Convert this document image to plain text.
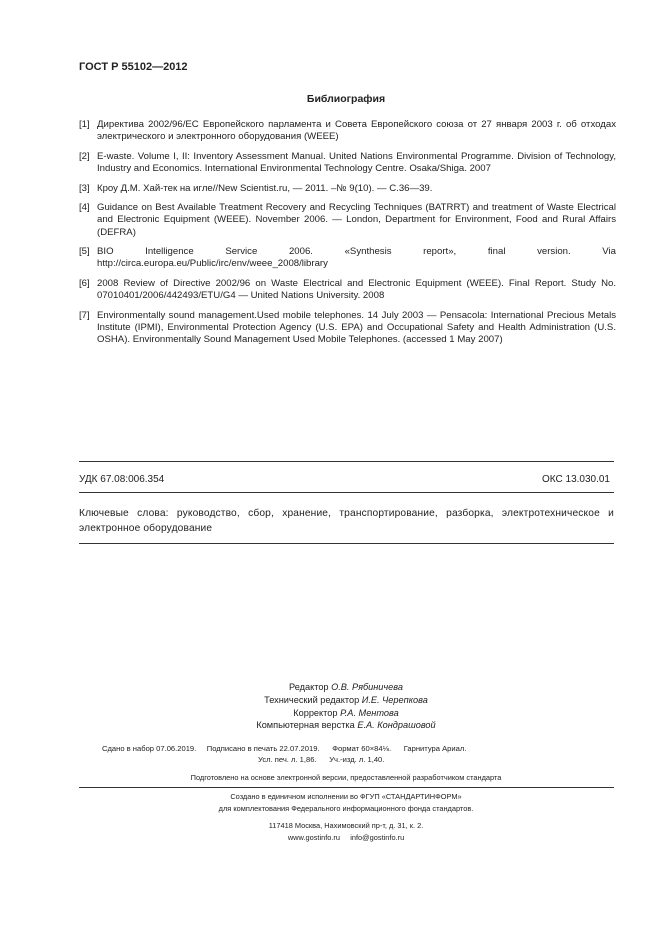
ГОСТ Р 55102—2012
Библиография
[1] Директива 2002/96/ЕС Европейского парламента и Совета Европейского союза от 27 января 2003 г. об отходах электрического и электронного оборудования (WEEE)
[2] E-waste. Volume I, II: Inventory Assessment Manual. United Nations Environmental Programme. Division of Technology, Industry and Economics. International Environmental Technology Centre. Osaka/Shiga. 2007
[3] Кроу Д.М. Хай-тек на игле//New Scientist.ru, — 2011. –№ 9(10). — С.36—39.
[4] Guidance on Best Available Treatment Recovery and Recycling Techniques (BATRRT) and treatment of Waste Electrical and Electronic Equipment (WEEE). November 2006. — London, Department for Environment, Food and Rural Affairs (DEFRA)
[5] BIO Intelligence Service 2006. «Synthesis report», final version. Via http://circa.europa.eu/Public/irc/env/weee_2008/library
[6] 2008 Review of Directive 2002/96 on Waste Electrical and Electronic Equipment (WEEE). Final Report. Study No. 07010401/2006/442493/ETU/G4 — United Nations University. 2008
[7] Environmentally sound management.Used mobile telephones. 14 July 2003 — Pensacola: International Precious Metals Institute (IPMI), Environmental Protection Agency (U.S. EPA) and Occupational Safety and Health Administration (U.S. OSHA). Environmentally Sound Management Used Mobile Telephones. (accessed 1 May 2007)
УДК 67.08:006.354	ОКС 13.030.01
Ключевые слова: руководство, сбор, хранение, транспортирование, разборка, электротехническое и электронное оборудование
Редактор О.В. Рябиничева
Технический редактор И.Е. Черепкова
Корректор Р.А. Ментова
Компьютерная верстка Е.А. Кондрашовой
Сдано в набор 07.06.2019.     Подписано в печать 22.07.2019.      Формат 60×84⅛.      Гарнитура Ариал.
Усл. печ. л. 1,86.      Уч.-изд. л. 1,40.
Подготовлено на основе электронной версии, предоставленной разработчиком стандарта
Создано в единичном исполнении во ФГУП «СТАНДАРТИНФОРМ»
для комплектования Федерального информационного фонда стандартов.
117418 Москва, Нахимовский пр-т, д. 31, к. 2.
www.gostinfo.ru     info@gostinfo.ru
